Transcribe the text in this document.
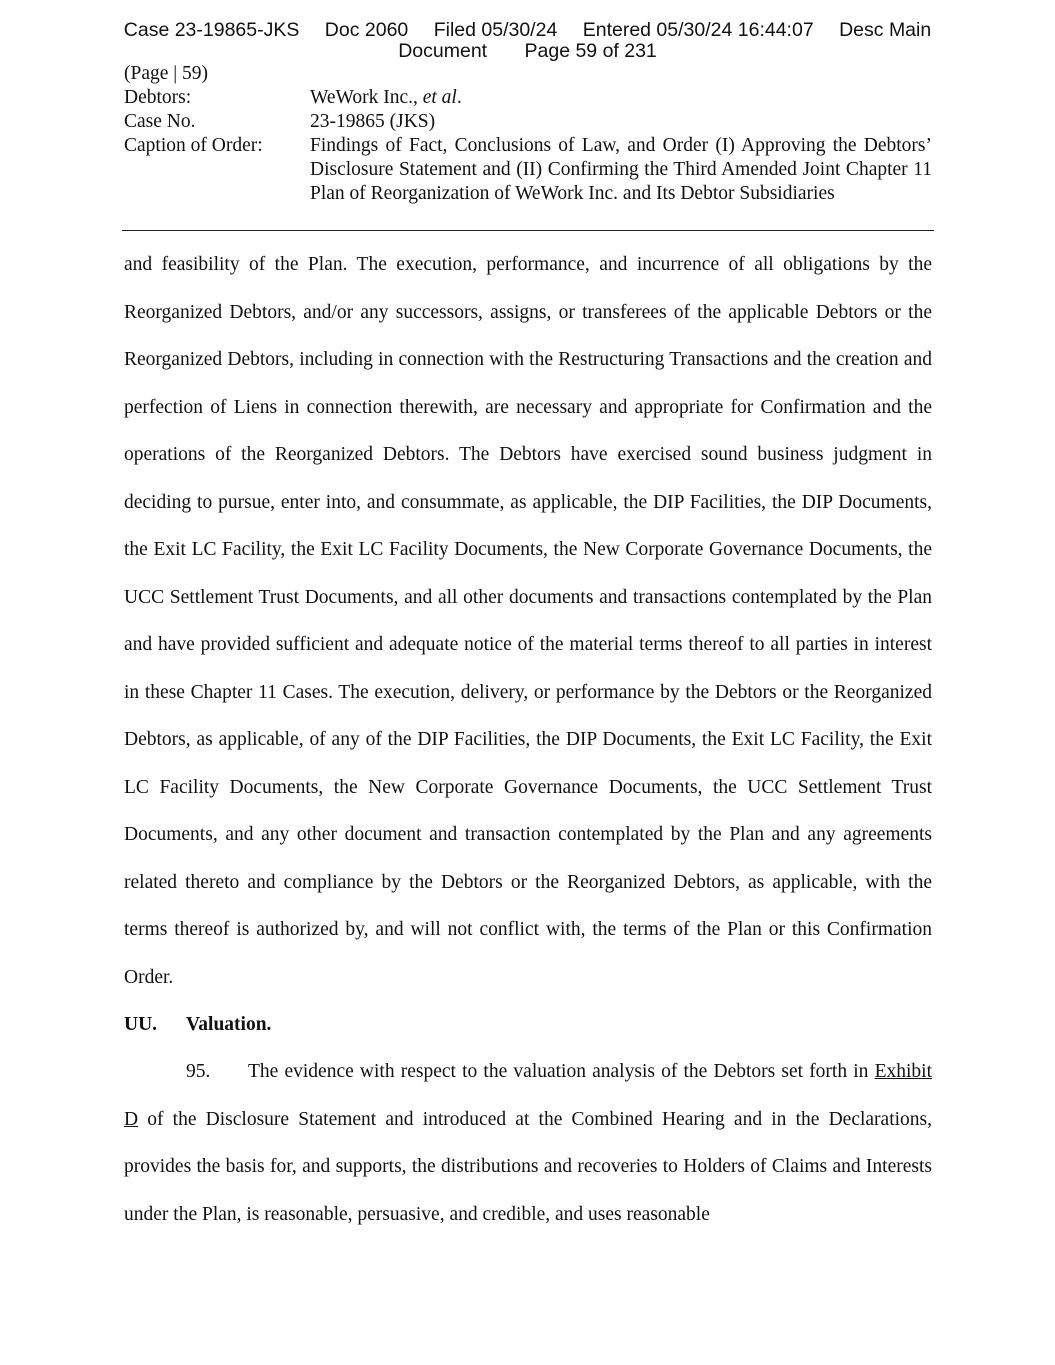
Case 23-19865-JKS Doc 2060 Filed 05/30/24 Entered 05/30/24 16:44:07 Desc Main
Document Page 59 of 231
(Page | 59)
Debtors:	WeWork Inc., et al.
Case No.	23-19865 (JKS)
Caption of Order:	Findings of Fact, Conclusions of Law, and Order (I) Approving the Debtors’ Disclosure Statement and (II) Confirming the Third Amended Joint Chapter 11 Plan of Reorganization of WeWork Inc. and Its Debtor Subsidiaries

and feasibility of the Plan. The execution, performance, and incurrence of all obligations by the Reorganized Debtors, and/or any successors, assigns, or transferees of the applicable Debtors or the Reorganized Debtors, including in connection with the Restructuring Transactions and the creation and perfection of Liens in connection therewith, are necessary and appropriate for Confirmation and the operations of the Reorganized Debtors. The Debtors have exercised sound business judgment in deciding to pursue, enter into, and consummate, as applicable, the DIP Facilities, the DIP Documents, the Exit LC Facility, the Exit LC Facility Documents, the New Corporate Governance Documents, the UCC Settlement Trust Documents, and all other documents and transactions contemplated by the Plan and have provided sufficient and adequate notice of the material terms thereof to all parties in interest in these Chapter 11 Cases. The execution, delivery, or performance by the Debtors or the Reorganized Debtors, as applicable, of any of the DIP Facilities, the DIP Documents, the Exit LC Facility, the Exit LC Facility Documents, the New Corporate Governance Documents, the UCC Settlement Trust Documents, and any other document and transaction contemplated by the Plan and any agreements related thereto and compliance by the Debtors or the Reorganized Debtors, as applicable, with the terms thereof is authorized by, and will not conflict with, the terms of the Plan or this Confirmation Order.

UU. Valuation.

95. The evidence with respect to the valuation analysis of the Debtors set forth in Exhibit D of the Disclosure Statement and introduced at the Combined Hearing and in the Declarations, provides the basis for, and supports, the distributions and recoveries to Holders of Claims and Interests under the Plan, is reasonable, persuasive, and credible, and uses reasonable
